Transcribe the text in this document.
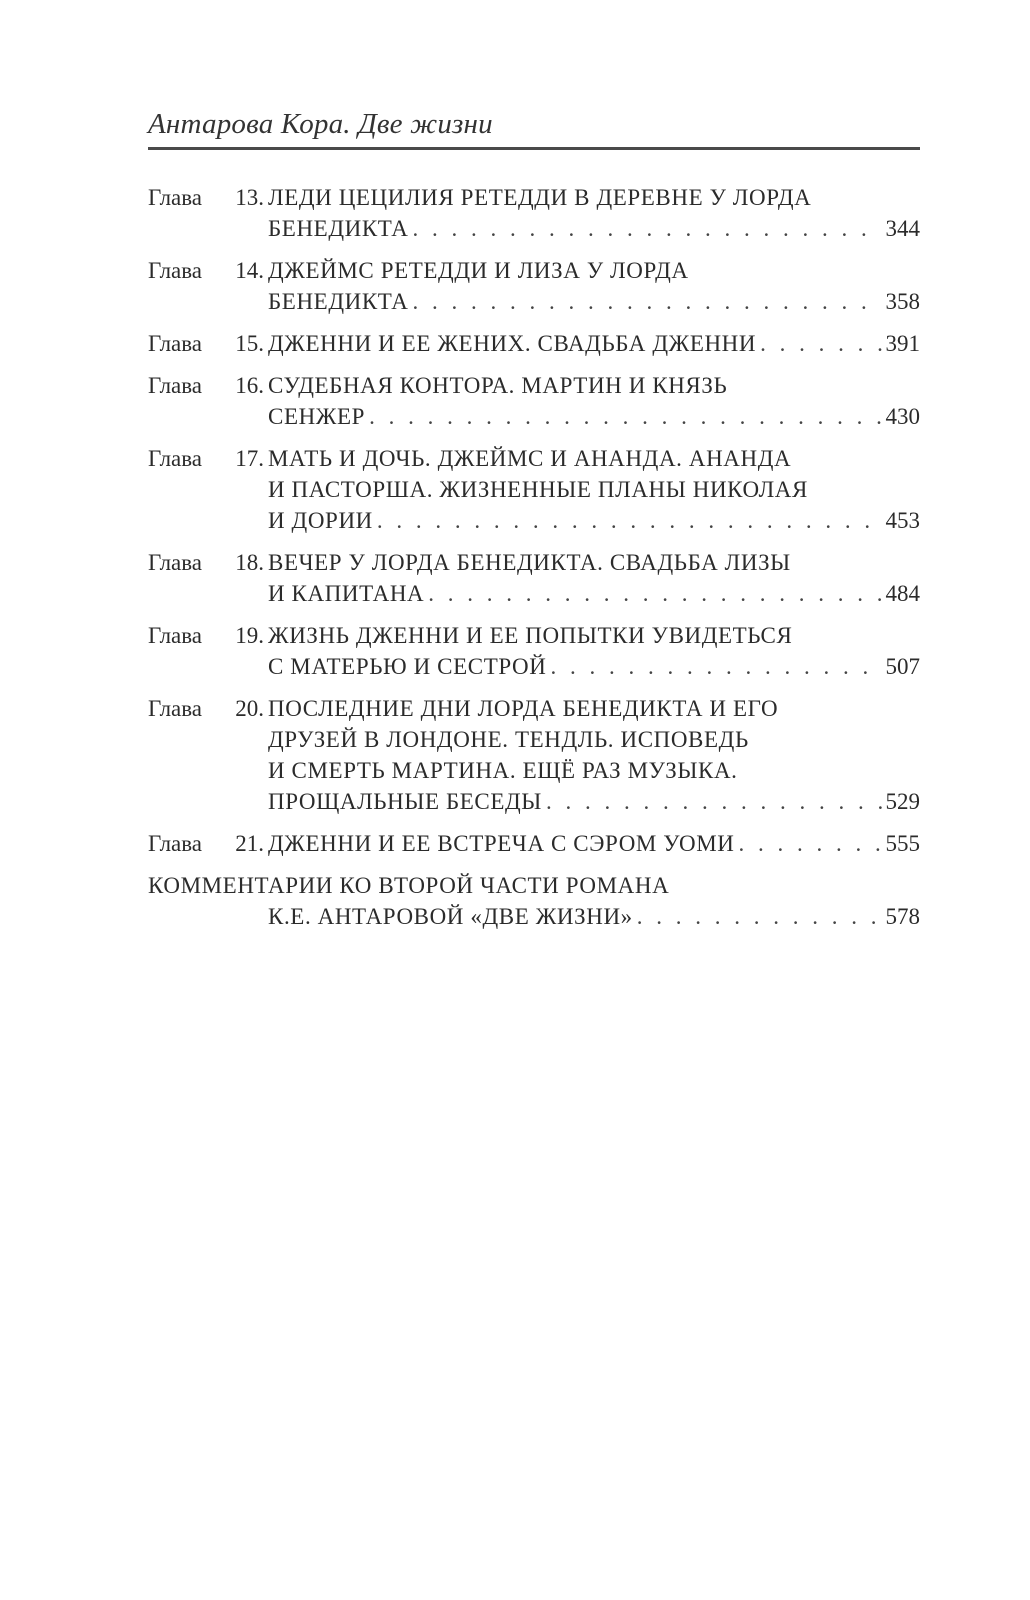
Антарова Кора. Две жизни
Глава 13. ЛЕДИ ЦЕЦИЛИЯ РЕТЕДДИ В ДЕРЕВНЕ У ЛОРДА
БЕНЕДИКТА . . .	344
Глава 14. ДЖЕЙМС РЕТЕДДИ И ЛИЗА У ЛОРДА
БЕНЕДИКТА . . .	358
Глава 15. ДЖЕННИ И ЕЕ ЖЕНИХ. СВАДЬБА ДЖЕННИ . . .	391
Глава 16. СУДЕБНАЯ КОНТОРА. МАРТИН И КНЯЗЬ
СЕНЖЕР . . .	430
Глава 17. МАТЬ И ДОЧЬ. ДЖЕЙМС И АНАНДА. АНАНДА
И ПАСТОРША. ЖИЗНЕННЫЕ ПЛАНЫ НИКОЛАЯ
И ДОРИИ . . .	453
Глава 18. ВЕЧЕР У ЛОРДА БЕНЕДИКТА. СВАДЬБА ЛИЗЫ
И КАПИТАНА . . .	484
Глава 19. ЖИЗНЬ ДЖЕННИ И ЕЕ ПОПЫТКИ УВИДЕТЬСЯ
С МАТЕРЬЮ И СЕСТРОЙ . . .	507
Глава 20. ПОСЛЕДНИЕ ДНИ ЛОРДА БЕНЕДИКТА И ЕГО
ДРУЗЕЙ В ЛОНДОНЕ. ТЕНДЛЬ. ИСПОВЕДЬ
И СМЕРТЬ МАРТИНА. ЕЩЁ РАЗ МУЗЫКА.
ПРОЩАЛЬНЫЕ БЕСЕДЫ . . .	529
Глава 21. ДЖЕННИ И ЕЕ ВСТРЕЧА С СЭРОМ УОМИ . . .	555
КОММЕНТАРИИ КО ВТОРОЙ ЧАСТИ РОМАНА
К.Е. АНТАРОВОЙ «ДВЕ ЖИЗНИ» . . .	578
